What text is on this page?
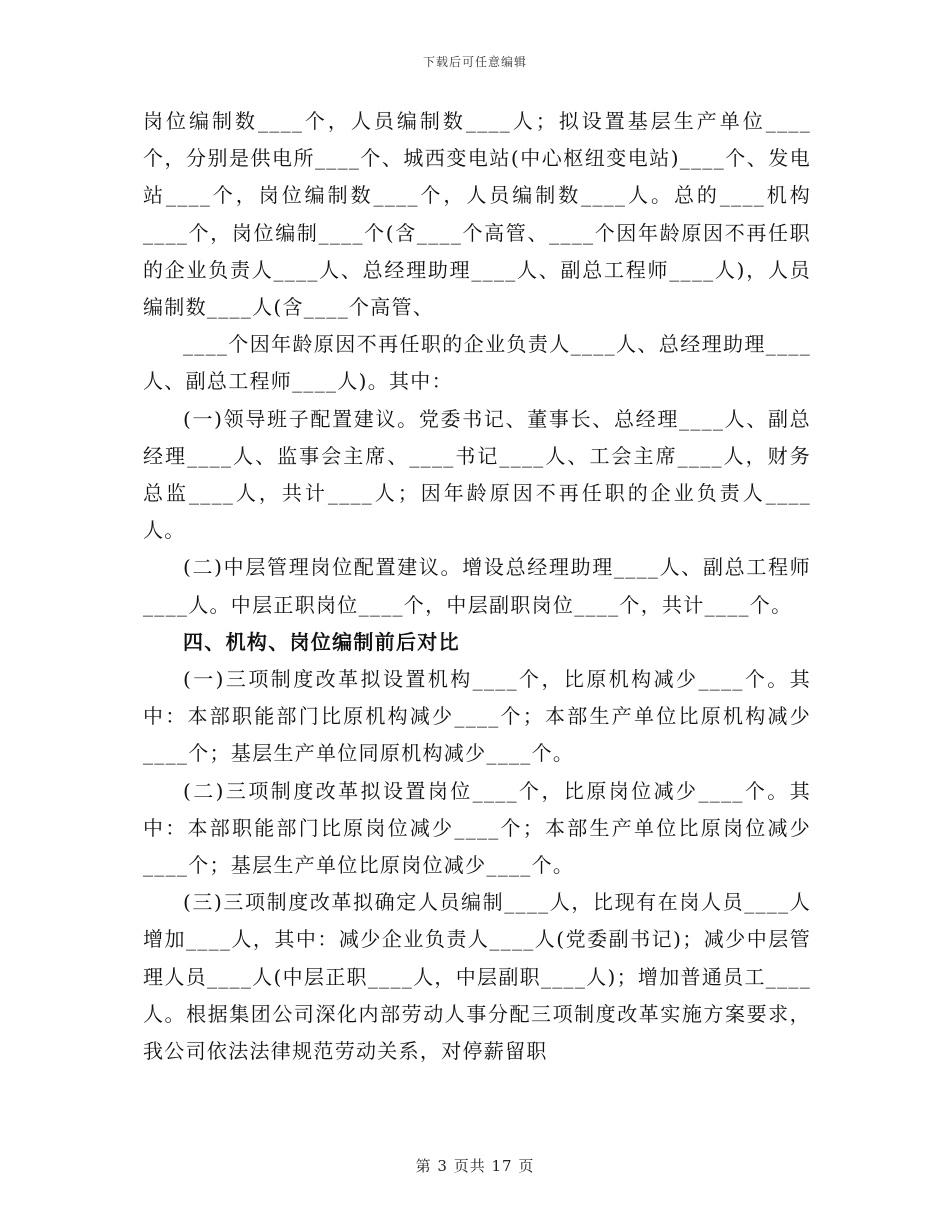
下载后可任意编辑

岗位编制数____个，人员编制数____人；拟设置基层生产单位____个，分别是供电所____个、城西变电站(中心枢纽变电站)____个、发电站____个，岗位编制数____个，人员编制数____人。总的____机构____个，岗位编制____个(含____个高管、____个因年龄原因不再任职的企业负责人____人、总经理助理____人、副总工程师____人)，人员编制数____人(含____个高管、

____个因年龄原因不再任职的企业负责人____人、总经理助理____人、副总工程师____人)。其中：

(一)领导班子配置建议。党委书记、董事长、总经理____人、副总经理____人、监事会主席、____书记____人、工会主席____人，财务总监____人，共计____人；因年龄原因不再任职的企业负责人____人。

(二)中层管理岗位配置建议。增设总经理助理____人、副总工程师____人。中层正职岗位____个，中层副职岗位____个，共计____个。

四、机构、岗位编制前后对比

(一)三项制度改革拟设置机构____个，比原机构减少____个。其中：本部职能部门比原机构减少____个；本部生产单位比原机构减少____个；基层生产单位同原机构减少____个。

(二)三项制度改革拟设置岗位____个，比原岗位减少____个。其中：本部职能部门比原岗位减少____个；本部生产单位比原岗位减少____个；基层生产单位比原岗位减少____个。

(三)三项制度改革拟确定人员编制____人，比现有在岗人员____人增加____人，其中：减少企业负责人____人(党委副书记)；减少中层管理人员____人(中层正职____人，中层副职____人)；增加普通员工____人。根据集团公司深化内部劳动人事分配三项制度改革实施方案要求，我公司依法法律规范劳动关系，对停薪留职

第 3 页共 17 页
